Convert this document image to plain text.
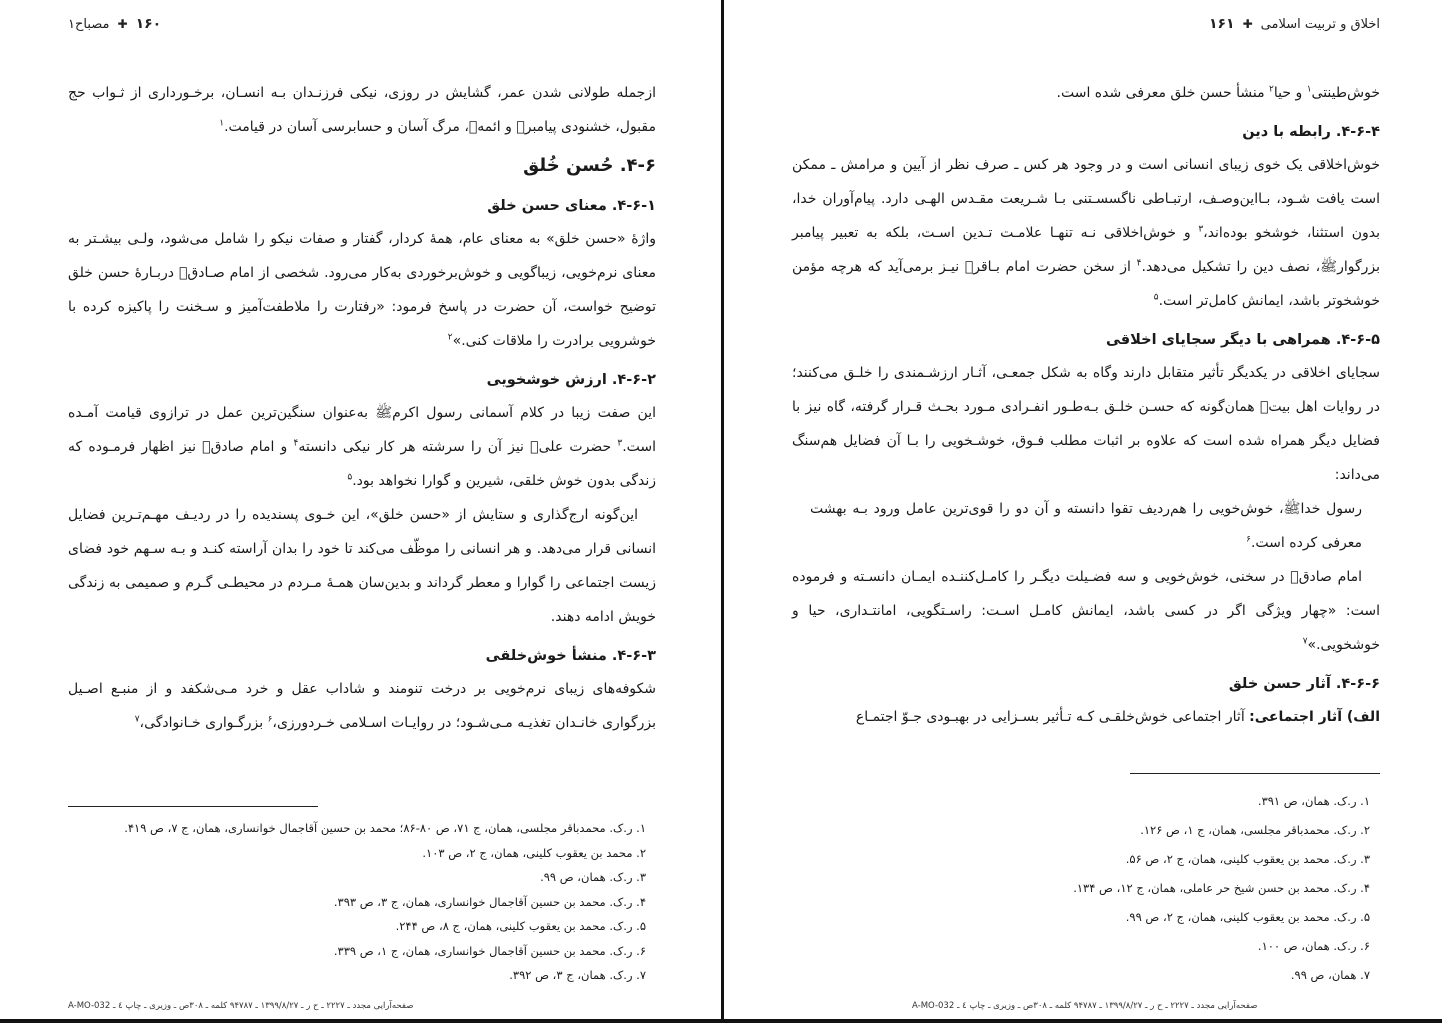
۱۶۰✚مصباح۱

ازجمله طولانی شدن عمر، گشایش در روزی، نیکی فرزنـدان بـه انسـان، برخـورداری از ثـواب حج مقبول، خشنودی پیامبرﷺ و ائمهؑ، مرگ آسان و حسابرسی آسان در قیامت.$^۱$

۴-۶. حُسن خُلق
۴-۶-۱. معنای حسن خلق

واژۀ «حسن خلق» به معنای عام، همۀ کردار، گفتار و صفات نیکو را شامل می‌شود، ولـی بیشـتر به معنای نرم‌خویی، زیباگویی و خوش‌برخوردی به‌کار می‌رود. شخصی از امام صـادقؑ دربـارۀ حسن خلق توضیح خواست، آن حضرت در پاسخ فرمود: «رفتارت را ملاطفت‌آمیز و سـخنت را پاکیزه کرده با خوشرویی برادرت را ملاقات کنی.»$^۲$

۴-۶-۲. ارزش خوشخویی

این صفت زیبا در کلام آسمانی رسول اکرمﷺ به‌عنوان سنگین‌ترین عمل در ترازوی قیامت آمـده است.$^۳$ حضرت علیؑ نیز آن را سرشته هر کار نیکی دانسته$^۴$ و امام صادقؑ نیز اظهار فرمـوده که زندگی بدون خوش خلقی، شیرین و گوارا نخواهد بود.$^۵$

این‌گونه ارج‌گذاری و ستایش از «حسن خلق»، این خـوی پسندیده را در ردیـف مهـم‌تـرین فضایل انسانی قرار می‌دهد. و هر انسانی را موظّف می‌کند تا خود را بدان آراسته کنـد و بـه سـهم خود فضای زیست اجتماعی را گوارا و معطر گرداند و بدین‌سان همـۀ مـردم در محیطـی گـرم و صمیمی به زندگی خویش ادامه دهند.

۴-۶-۳. منشأ خوش‌خلقی

شکوفه‌های زیبای نرم‌خویی بر درخت تنومند و شاداب عقل و خرد مـی‌شکفد و از منبـع اصـیل بزرگواری خانـدان تغذیـه مـی‌شـود؛ در روایـات اسـلامی خـردورزی،$^۶$ بزرگـواری خـانوادگی،$^۷$

۱. ر.ک. محمدباقر مجلسی، همان، ج ۷۱، ص ۸۰-۸۶؛ محمد بن حسین آقاجمال خوانساری، همان، ج ۷، ص ۴۱۹.

۲. محمد بن یعقوب کلینی، همان، ج ۲، ص ۱۰۳.

۳. ر.ک. همان، ص ۹۹.

۴. ر.ک. محمد بن حسین آقاجمال خوانساری، همان، ج ۳، ص ۳۹۳.

۵. ر.ک. محمد بن یعقوب کلینی، همان، ج ۸، ص ۲۴۴.

۶. ر.ک. محمد بن حسین آقاجمال خوانساری، همان، ج ۱، ص ۳۳۹.

۷. ر.ک. همان، ج ۳، ص ۳۹۲.

صفحه‌آرایی مجدد ـ ۲۲۲۷ ـ ح ر ـ ۱۳۹۹/۸/۲۷ ـ ۹۴۷۸۷ کلمه ـ ۳۰۸ص ـ وزیری ـ چاپ ٤ ـ A-MO-032
اخلاق و تربیت اسلامی✚۱۶۱

خوش‌طینتی$^۱$ و حیا$^۲$ منشأ حسن خلق معرفی شده است.

۴-۶-۴. رابطه با دین

خوش‌اخلاقی یک خوی زیبای انسانی است و در وجود هر کس ـ صرف نظر از آیین و مرامش ـ ممکن است یافت شـود، بـااین‌وصـف، ارتبـاطی ناگسسـتنی بـا شـریعت مقـدس الهـی دارد. پیام‌آوران خدا، بدون استثنا، خوشخو بوده‌اند،$^۳$ و خوش‌اخلاقی نـه تنهـا علامـت تـدین اسـت، بلکه به تعبیر پیامبر بزرگوارﷺ، نصف دین را تشکیل می‌دهد.$^۴$ از سخن حضرت امام بـاقرؑ نیـز برمی‌آید که هرچه مؤمن خوشخوتر باشد، ایمانش کامل‌تر است.$^۵$

۴-۶-۵. همراهی با دیگر سجایای اخلاقی

سجایای اخلاقی در یکدیگر تأثیر متقابل دارند وگاه به شکل جمعـی، آثـار ارزشـمندی را خلـق می‌کنند؛ در روایات اهل بیتؑ همان‌گونه که حسـن خلـق بـه‌طـور انفـرادی مـورد بحـث قـرار گرفته، گاه نیز با فضایل دیگر همراه شده است که علاوه بر اثبات مطلب فـوق، خوشـخویی را بـا آن فضایل هم‌سنگ می‌داند:

رسول خداﷺ، خوش‌خویی را هم‌ردیف تقوا دانسته و آن دو را قوی‌ترین عامل ورود بـه بهشت معرفی کرده است.$^۶$

امام صادقؑ در سخنی، خوش‌خویی و سه فضـیلت دیگـر را کامـل‌کننـده ایمـان دانسـته و فرموده است: «چهار ویژگی اگر در کسی باشد، ایمانش کامـل اسـت: راسـتگویی، امانتـداری، حیا و خوشخویی.»$^۷$

۴-۶-۶. آثار حسن خلق

الف) آثار اجتماعی: آثار اجتماعی خوش‌خلقـی کـه تـأثیر بسـزایی در بهبـودی جـوّ اجتمـاع

۱. ر.ک. همان، ص ۳۹۱.

۲. ر.ک. محمدباقر مجلسی، همان، ج ۱، ص ۱۲۶.

۳. ر.ک. محمد بن یعقوب کلینی، همان، ج ۲، ص ۵۶.

۴. ر.ک. محمد بن حسن شیخ حر عاملی، همان، ج ۱۲، ص ۱۳۴.

۵. ر.ک. محمد بن یعقوب کلینی، همان، ج ۲، ص ۹۹.

۶. ر.ک. همان، ص ۱۰۰.

۷. همان، ص ۹۹.

صفحه‌آرایی مجدد ـ ۲۲۲۷ ـ ح ر ـ ۱۳۹۹/۸/۲۷ ـ ۹۴۷۸۷ کلمه ـ ۳۰۸ص ـ وزیری ـ چاپ ٤ ـ A-MO-032
